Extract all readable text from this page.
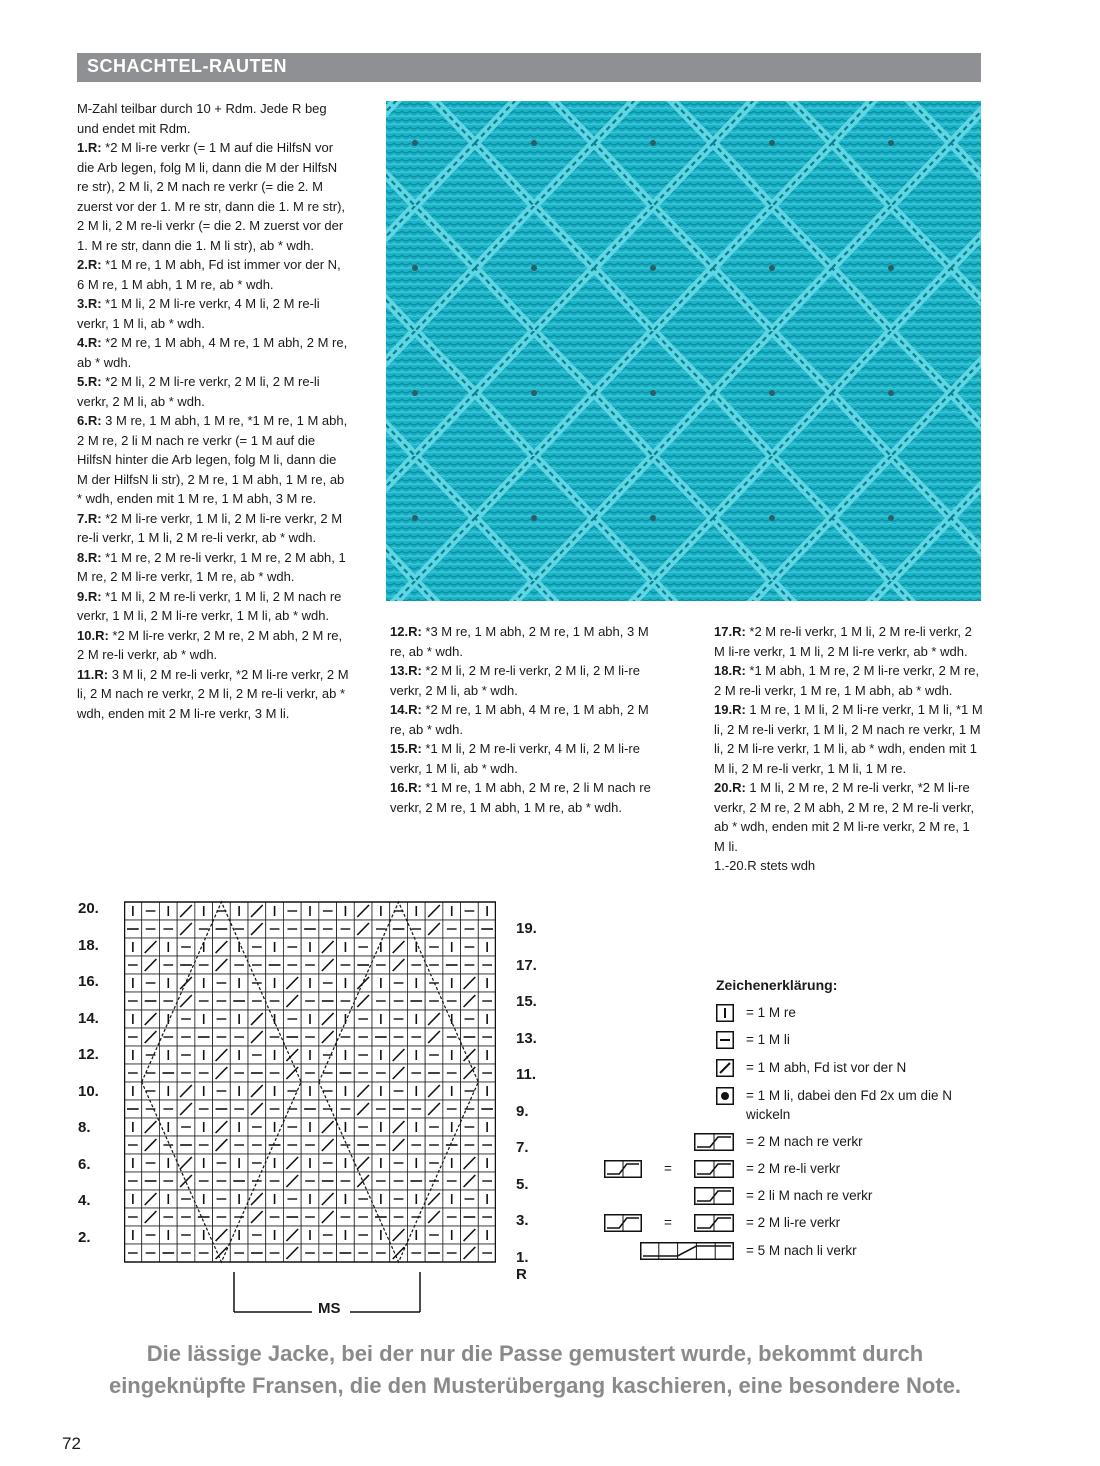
SCHACHTEL-RAUTEN

M-Zahl teilbar durch 10 + Rdm. Jede R beg und endet mit Rdm.

1.R: *2 M li-re verkr (= 1 M auf die HilfsN vor die Arb legen, folg M li, dann die M der HilfsN re str), 2 M li, 2 M nach re verkr (= die 2. M zuerst vor der 1. M re str, dann die 1. M re str), 2 M li, 2 M re-li verkr (= die 2. M zuerst vor der 1. M re str, dann die 1. M li str), ab * wdh.

2.R: *1 M re, 1 M abh, Fd ist immer vor der N, 6 M re, 1 M abh, 1 M re, ab * wdh.

3.R: *1 M li, 2 M li-re verkr, 4 M li, 2 M re-li verkr, 1 M li, ab * wdh.

4.R: *2 M re, 1 M abh, 4 M re, 1 M abh, 2 M re, ab * wdh.

5.R: *2 M li, 2 M li-re verkr, 2 M li, 2 M re-li verkr, 2 M li, ab * wdh.

6.R: 3 M re, 1 M abh, 1 M re, *1 M re, 1 M abh, 2 M re, 2 li M nach re verkr (= 1 M auf die HilfsN hinter die Arb legen, folg M li, dann die M der HilfsN li str), 2 M re, 1 M abh, 1 M re, ab * wdh, enden mit 1 M re, 1 M abh, 3 M re.

7.R: *2 M li-re verkr, 1 M li, 2 M li-re verkr, 2 M re-li verkr, 1 M li, 2 M re-li verkr, ab * wdh.

8.R: *1 M re, 2 M re-li verkr, 1 M re, 2 M abh, 1 M re, 2 M li-re verkr, 1 M re, ab * wdh.

9.R: *1 M li, 2 M re-li verkr, 1 M li, 2 M nach re verkr, 1 M li, 2 M li-re verkr, 1 M li, ab * wdh.

10.R: *2 M li-re verkr, 2 M re, 2 M abh, 2 M re, 2 M re-li verkr, ab * wdh.

11.R: 3 M li, 2 M re-li verkr, *2 M li-re verkr, 2 M li, 2 M nach re verkr, 2 M li, 2 M re-li verkr, ab * wdh, enden mit 2 M li-re verkr, 3 M li.

12.R: *3 M re, 1 M abh, 2 M re, 1 M abh, 3 M re, ab * wdh.

13.R: *2 M li, 2 M re-li verkr, 2 M li, 2 M li-re verkr, 2 M li, ab * wdh.

14.R: *2 M re, 1 M abh, 4 M re, 1 M abh, 2 M re, ab * wdh.

15.R: *1 M li, 2 M re-li verkr, 4 M li, 2 M li-re verkr, 1 M li, ab * wdh.

16.R: *1 M re, 1 M abh, 2 M re, 2 li M nach re verkr, 2 M re, 1 M abh, 1 M re, ab * wdh.

17.R: *2 M re-li verkr, 1 M li, 2 M re-li verkr, 2 M li-re verkr, 1 M li, 2 M li-re verkr, ab * wdh.

18.R: *1 M abh, 1 M re, 2 M li-re verkr, 2 M re, 2 M re-li verkr, 1 M re, 1 M abh, ab * wdh.

19.R: 1 M re, 1 M li, 2 M li-re verkr, 1 M li, *1 M li, 2 M re-li verkr, 1 M li, 2 M nach re verkr, 1 M li, 2 M li-re verkr, 1 M li, ab * wdh, enden mit 1 M li, 2 M re-li verkr, 1 M li, 1 M re.

20.R: 1 M li, 2 M re, 2 M re-li verkr, *2 M li-re verkr, 2 M re, 2 M abh, 2 M re, 2 M re-li verkr, ab * wdh, enden mit 2 M li-re verkr, 2 M re, 1 M li.

1.-20.R stets wdh

20.
18.
16.
14.
12.
10.
8.
6.
4.
2.
19.
17.
15.
13.
11.
9.
7.
5.
3.
1. R
MS
Zeichenerklärung:
= 1 M re
= 1 M li
= 1 M abh, Fd ist vor der N
= 1 M li, dabei den Fd 2x um die N wickeln
= 2 M nach re verkr
=	= 2 M re-li verkr
= 2 li M nach re verkr
=	= 2 M li-re verkr
= 5 M nach li verkr
Die lässige Jacke, bei der nur die Passe gemustert wurde, bekommt durch eingeknüpfte Fransen, die den Musterübergang kaschieren, eine besondere Note.
72
